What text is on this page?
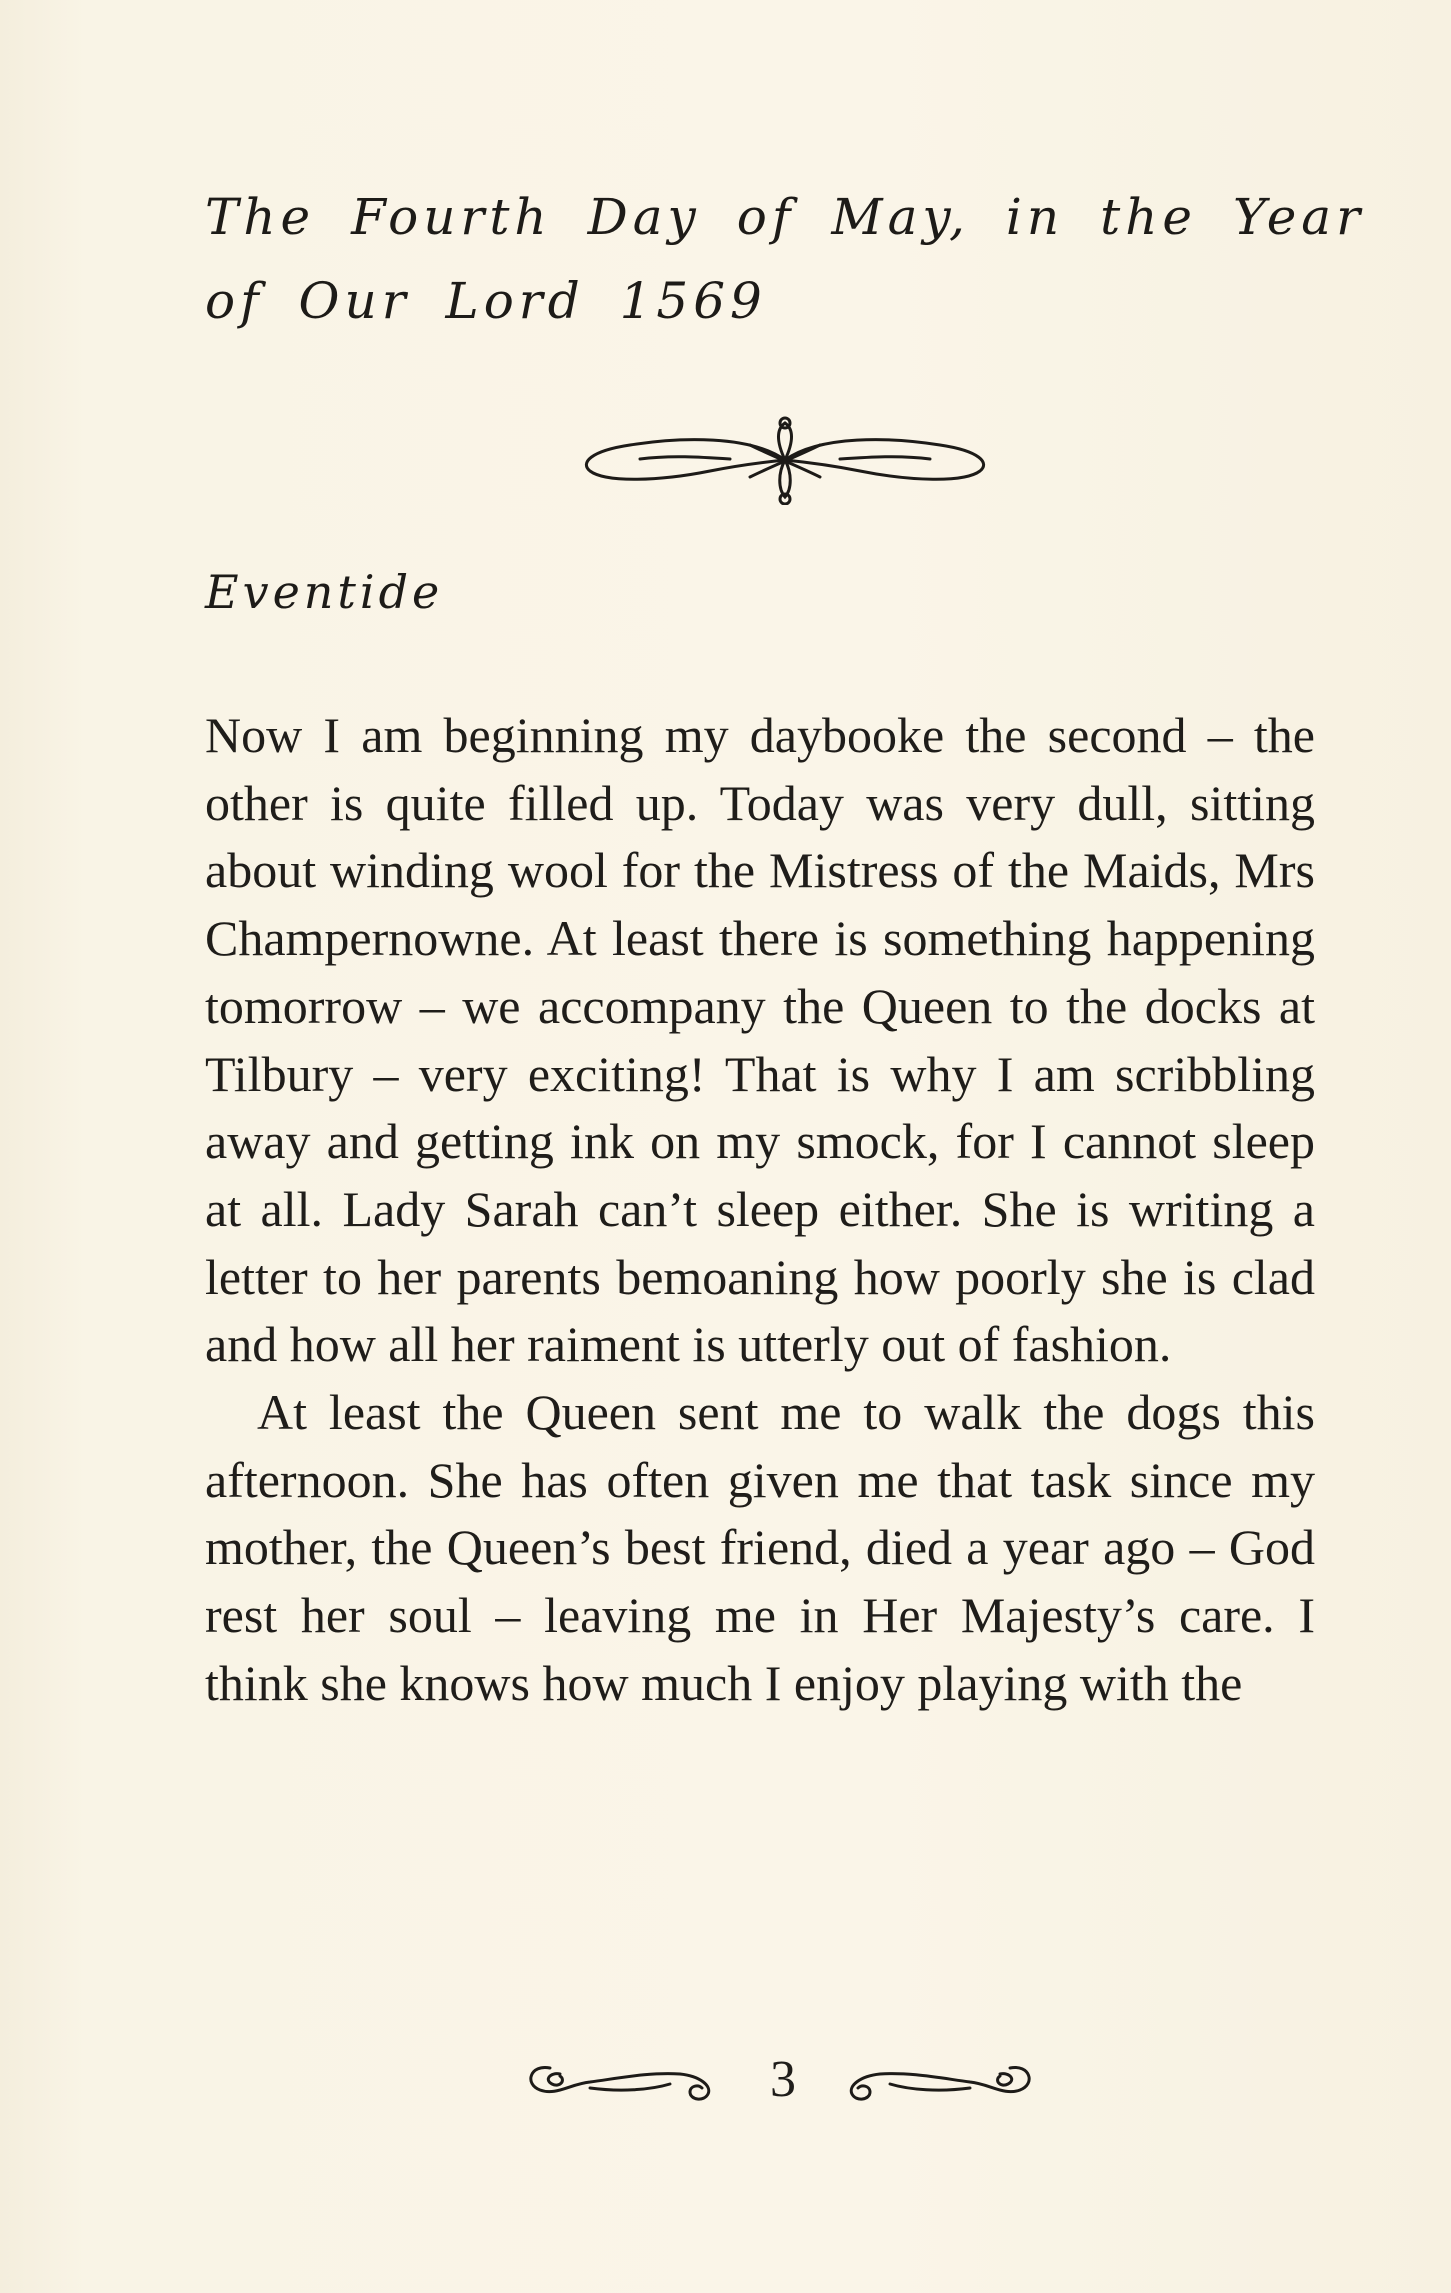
The Fourth Day of May, in the Year of Our Lord 1569
Eventide

Now I am beginning my daybooke the second – the other is quite filled up. Today was very dull, sitting about winding wool for the Mistress of the Maids, Mrs Champernowne. At least there is something happening tomorrow – we accompany the Queen to the docks at Tilbury – very exciting! That is why I am scribbling away and getting ink on my smock, for I cannot sleep at all. Lady Sarah can’t sleep either. She is writing a letter to her parents bemoaning how poorly she is clad and how all her raiment is utterly out of fashion.

At least the Queen sent me to walk the dogs this afternoon. She has often given me that task since my mother, the Queen’s best friend, died a year ago – God rest her soul – leaving me in Her Majesty’s care. I think she knows how much I enjoy playing with the

3
